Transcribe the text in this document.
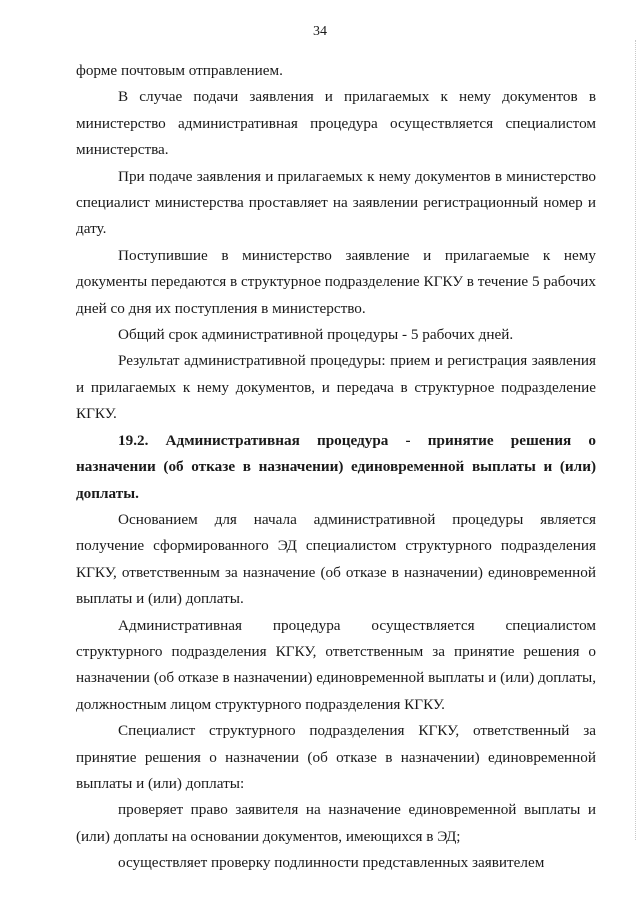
34

формe почтовым отправлением.

В случае подачи заявления и прилагаемых к нему документов в министерство административная процедура осуществляется специалистом министерства.

При подаче заявления и прилагаемых к нему документов в министерство специалист министерства проставляет на заявлении регистрационный номер и дату.

Поступившие в министерство заявление и прилагаемые к нему документы передаются в структурное подразделение КГКУ в течение 5 рабочих дней со дня их поступления в министерство.

Общий срок административной процедуры - 5 рабочих дней.

Результат административной процедуры: прием и регистрация заявления и прилагаемых к нему документов, и передача в структурное подразделение КГКУ.

19.2. Административная процедура - принятие решения о назначении (об отказе в назначении) единовременной выплаты и (или) доплаты.

Основанием для начала административной процедуры является получение сформированного ЭД специалистом структурного подразделения КГКУ, ответственным за назначение (об отказе в назначении) единовременной выплаты и (или) доплаты.

Административная процедура осуществляется специалистом структурного подразделения КГКУ, ответственным за принятие решения о назначении (об отказе в назначении) единовременной выплаты и (или) доплаты, должностным лицом структурного подразделения КГКУ.

Специалист структурного подразделения КГКУ, ответственный за принятие решения о назначении (об отказе в назначении) единовременной выплаты и (или) доплаты:

проверяет право заявителя на назначение единовременной выплаты и (или) доплаты на основании документов, имеющихся в ЭД;

осуществляет проверку подлинности представленных заявителем
